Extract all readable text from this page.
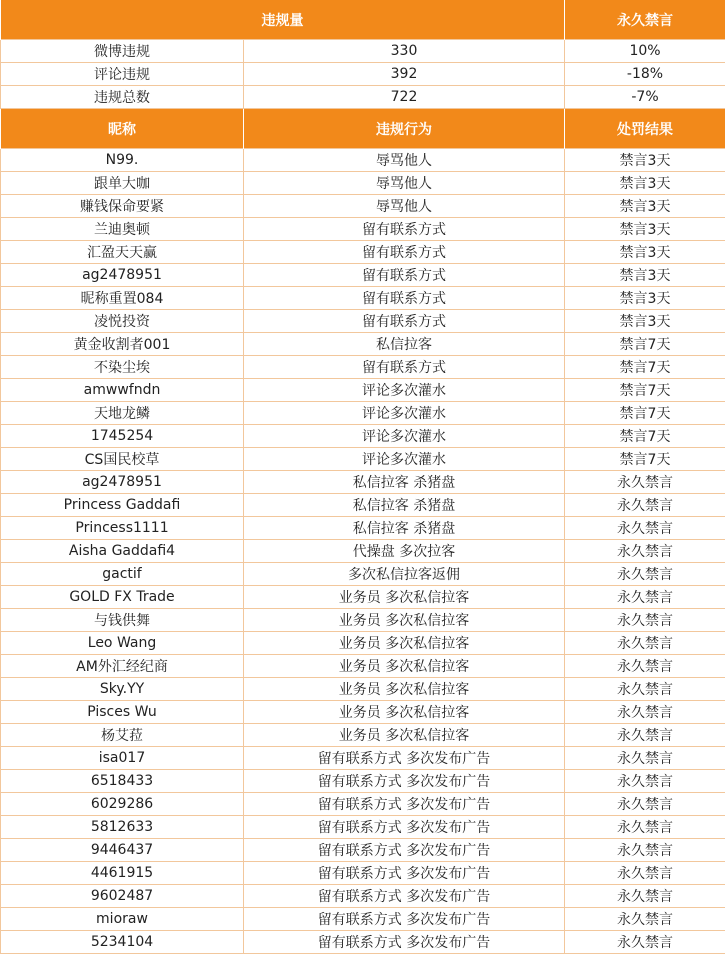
违规量		永久禁言
微博违规	330	10%
评论违规	392	-18%
违规总数	722	-7%
昵称	违规行为	处罚结果
N99.	辱骂他人	禁言3天
跟单大咖	辱骂他人	禁言3天
赚钱保命要紧	辱骂他人	禁言3天
兰迪奥顿	留有联系方式	禁言3天
汇盈天天赢	留有联系方式	禁言3天
ag2478951	留有联系方式	禁言3天
昵称重置084	留有联系方式	禁言3天
凌悦投资	留有联系方式	禁言3天
黄金收割者001	私信拉客	禁言7天
不染尘埃	留有联系方式	禁言7天
amwwfndn	评论多次灌水	禁言7天
天地龙鳞	评论多次灌水	禁言7天
1745254	评论多次灌水	禁言7天
CS国民校草	评论多次灌水	禁言7天
ag2478951	私信拉客 杀猪盘	永久禁言
Princess Gaddafi	私信拉客 杀猪盘	永久禁言
Princess1111	私信拉客 杀猪盘	永久禁言
Aisha Gaddafi4	代操盘 多次拉客	永久禁言
gactif	多次私信拉客返佣	永久禁言
GOLD FX Trade	业务员 多次私信拉客	永久禁言
与钱供舞	业务员 多次私信拉客	永久禁言
Leo Wang	业务员 多次私信拉客	永久禁言
AM外汇经纪商	业务员 多次私信拉客	永久禁言
Sky.YY	业务员 多次私信拉客	永久禁言
Pisces Wu	业务员 多次私信拉客	永久禁言
杨艾菈	业务员 多次私信拉客	永久禁言
isa017	留有联系方式 多次发布广告	永久禁言
6518433	留有联系方式 多次发布广告	永久禁言
6029286	留有联系方式 多次发布广告	永久禁言
5812633	留有联系方式 多次发布广告	永久禁言
9446437	留有联系方式 多次发布广告	永久禁言
4461915	留有联系方式 多次发布广告	永久禁言
9602487	留有联系方式 多次发布广告	永久禁言
mioraw	留有联系方式 多次发布广告	永久禁言
5234104	留有联系方式 多次发布广告	永久禁言
